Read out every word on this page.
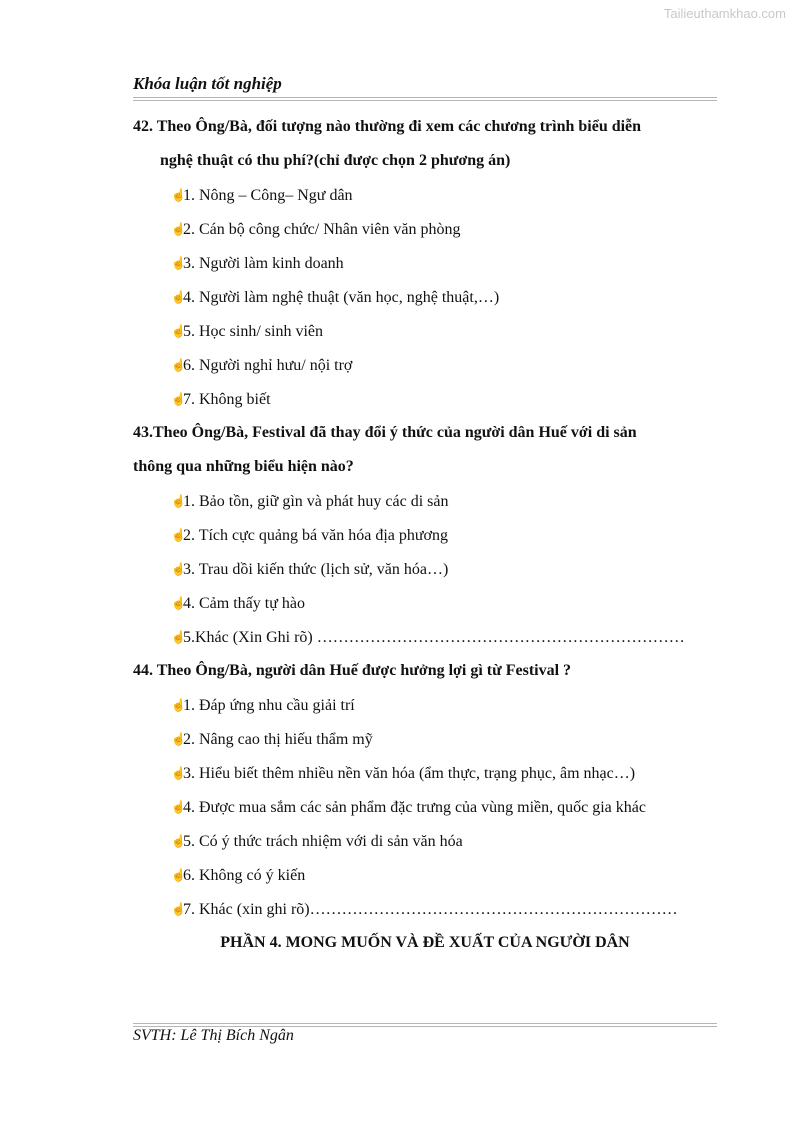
Tailieuthamkhao.com
Khóa luận tốt nghiệp
42. Theo Ông/Bà, đối tượng nào thường đi xem các chương trình biểu diễn
nghệ thuật có thu phí?(chỉ được chọn 2 phương án)
☝1. Nông – Công– Ngư dân
☝2. Cán bộ công chức/ Nhân viên văn phòng
☝3. Người làm kinh doanh
☝4. Người làm nghệ thuật (văn học, nghệ thuật,…)
☝5. Học sinh/ sinh viên
☝6. Người nghỉ hưu/ nội trợ
☝7. Không biết
43.Theo Ông/Bà, Festival đã thay đổi ý thức của người dân Huế với di sản
thông qua những biểu hiện nào?
☝1. Bảo tồn, giữ gìn và phát huy các di sản
☝2. Tích cực quảng bá văn hóa địa phương
☝3. Trau dồi kiến thức (lịch sử, văn hóa…)
☝4. Cảm thấy tự hào
☝5.Khác (Xin Ghi rõ) ……………………………………………………………
44. Theo Ông/Bà, người dân Huế được hưởng lợi gì từ Festival ?
☝1. Đáp ứng nhu cầu giải trí
☝2. Nâng cao thị hiếu thẩm mỹ
☝3. Hiểu biết thêm nhiều nền văn hóa (ẩm thực, trạng phục, âm nhạc…)
☝4. Được mua sắm các sản phẩm đặc trưng của vùng miền, quốc gia khác
☝5. Có ý thức trách nhiệm với di sản văn hóa
☝6. Không có ý kiến
☝7. Khác (xin ghi rõ)……………………………………………………………
PHẦN 4. MONG MUỐN VÀ ĐỀ XUẤT CỦA NGƯỜI DÂN
SVTH: Lê Thị Bích Ngân
